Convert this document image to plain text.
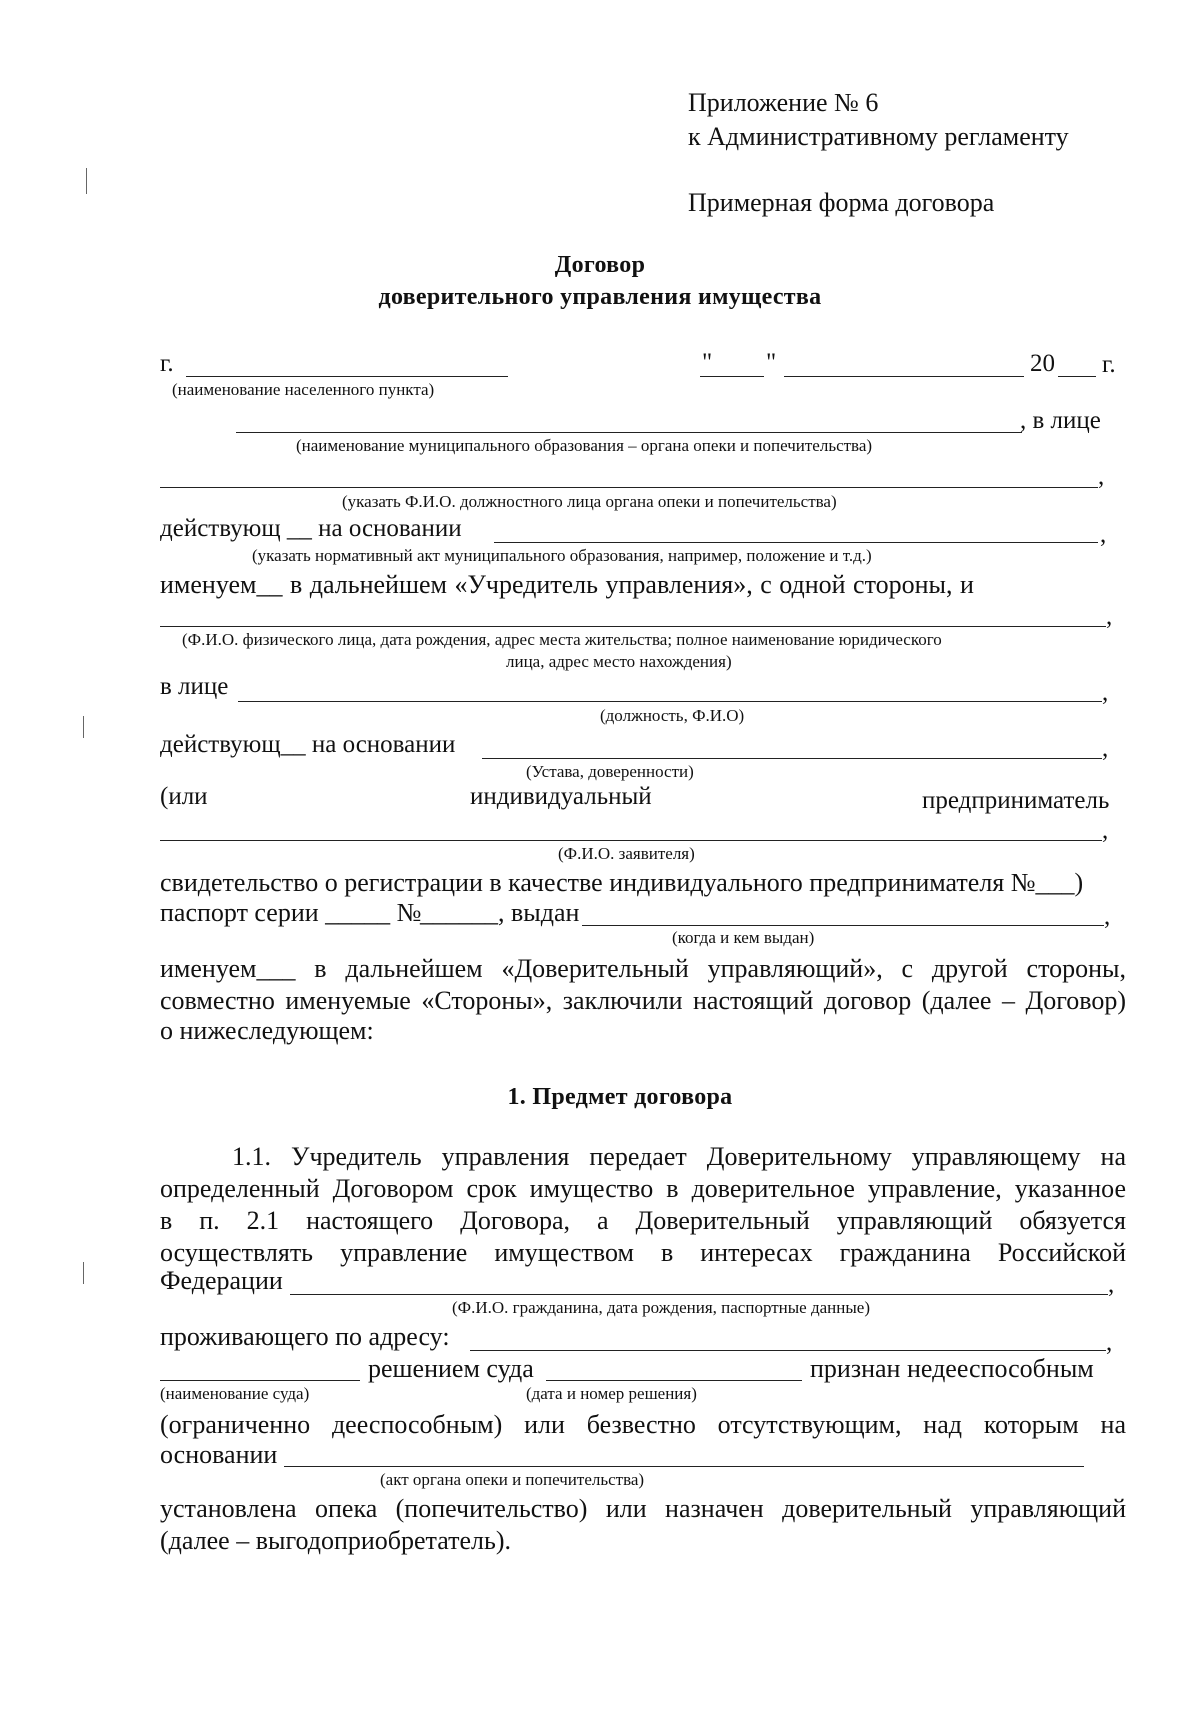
Приложение № 6
к Административному регламенту
Примерная форма договора
Договор
доверительного управления имущества
г.	" "	20 г.
(наименование населенного пункта)
, в лице
(наименование муниципального образования – органа опеки и попечительства)
,
(указать Ф.И.О. должностного лица органа опеки и попечительства)
действующ __ на основании	,
(указать нормативный акт муниципального образования, например, положение и т.д.)
именуем__ в дальнейшем «Учредитель управления», с одной стороны, и
,
(Ф.И.О. физического лица, дата рождения, адрес места жительства; полное наименование юридического
лица, адрес место нахождения)
в лице	,
(должность, Ф.И.О)
действующ__ на основании	,
(Устава, доверенности)
(или	индивидуальный	предприниматель
,
(Ф.И.О. заявителя)
свидетельство о регистрации в качестве индивидуального предпринимателя №___)
паспорт серии _____ №
______, выдан	,
(когда и кем выдан)
именуем___ в дальнейшем «Доверительный управляющий», с другой стороны,
совместно именуемые «Стороны», заключили настоящий договор (далее – Договор)
о нижеследующем:
1. Предмет договора
1.1. Учредитель управления передает Доверительному управляющему на
определенный Договором срок имущество в доверительное управление, указанное
в п. 2.1 настоящего Договора, а Доверительный управляющий обязуется
осуществлять управление имуществом в интересах гражданина Российской
Федерации	,
(Ф.И.О. гражданина, дата рождения, паспортные данные)
проживающего по адресу:	,
решением суда	признан недееспособным
(наименование суда)	(дата и номер решения)
(ограниченно дееспособным) или безвестно отсутствующим, над которым на
основании
(акт органа опеки и попечительства)
установлена опека (попечительство) или назначен доверительный управляющий
(далее – выгодоприобретатель).
